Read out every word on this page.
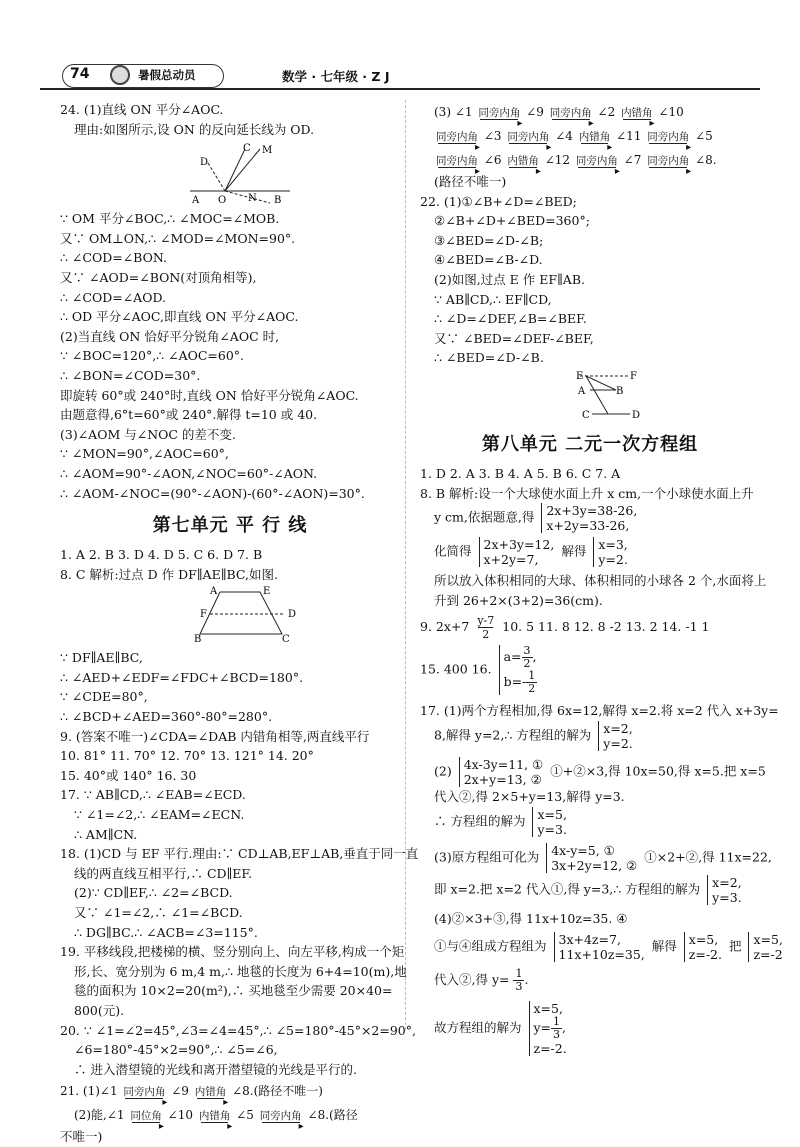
74	暑假总动员	数学 · 七年级 · Z J
24. (1)直线 ON 平分∠AOC.
理由:如图所示,设 ON 的反向延长线为 OD.
C M
D
A O N B
∵ OM 平分∠BOC,∴ ∠MOC=∠MOB.
又∵ OM⊥ON,∴ ∠MOD=∠MON=90°.
∴ ∠COD=∠BON.
又∵ ∠AOD=∠BON(对顶角相等),
∴ ∠COD=∠AOD.
∴ OD 平分∠AOC,即直线 ON 平分∠AOC.
(2)当直线 ON 恰好平分锐角∠AOC 时,
∵ ∠BOC=120°,∴ ∠AOC=60°.
∴ ∠BON=∠COD=30°.
即旋转 60°或 240°时,直线 ON 恰好平分锐角∠AOC.
由题意得,6°t=60°或 240°.解得 t=10 或 40.
(3)∠AOM 与∠NOC 的差不变.
∵ ∠MON=90°,∠AOC=60°,
∴ ∠AOM=90°-∠AON,∠NOC=60°-∠AON.
∴ ∠AOM-∠NOC=(90°-∠AON)-(60°-∠AON)=30°.
第七单元 平 行 线
1. A 2. B 3. D 4. D 5. C 6. D 7. B
8. C 解析:过点 D 作 DF∥AE∥BC,如图.
A	E
F	D
B	C
∵ DF∥AE∥BC,
∴ ∠AED+∠EDF=∠FDC+∠BCD=180°.
∵ ∠CDE=80°,
∴ ∠BCD+∠AED=360°-80°=280°.
9. (答案不唯一)∠CDA=∠DAB 内错角相等,两直线平行
10. 81° 11. 70° 12. 70° 13. 121° 14. 20°
15. 40°或 140° 16. 30
17. ∵ AB∥CD,∴ ∠EAB=∠ECD.
∵ ∠1=∠2,∴ ∠EAM=∠ECN.
∴ AM∥CN.
18. (1)CD 与 EF 平行.理由:∵ CD⊥AB,EF⊥AB,垂直于同一直
线的两直线互相平行,∴ CD∥EF.
(2)∵ CD∥EF,∴ ∠2=∠BCD.
又∵ ∠1=∠2,∴ ∠1=∠BCD.
∴ DG∥BC.∴ ∠ACB=∠3=115°.
19. 平移线段,把楼梯的横、竖分别向上、向左平移,构成一个矩
形,长、宽分别为 6 m,4 m,∴ 地毯的长度为 6+4=10(m),地
毯的面积为 10×2=20(m²),∴ 买地毯至少需要 20×40=
800(元).
20. ∵ ∠1=∠2=45°,∠3=∠4=45°,∴ ∠5=180°-45°×2=90°,
∠6=180°-45°×2=90°,∴ ∠5=∠6,
∴ 进入潜望镜的光线和离开潜望镜的光线是平行的.
21. (1)∠1 同旁内角
▸ ∠9 内错角
▸ ∠8.(路径不唯一)
(2)能,∠1 同位角
▸ ∠10 内错角
▸ ∠5 同旁内角
▸ ∠8.(路径
不唯一)
(3) ∠1 同旁内角
▸ ∠9 同旁内角
▸ ∠2 内错角
▸ ∠10
同旁内角
▸ ∠3 同旁内角
▸ ∠4 内错角
▸ ∠11 同旁内角
▸ ∠5
同旁内角
▸ ∠6 内错角
▸ ∠12 同旁内角
▸ ∠7 同旁内角
▸ ∠8.
(路径不唯一)
22. (1)①∠B+∠D=∠BED;
②∠B+∠D+∠BED=360°;
③∠BED=∠D-∠B;
④∠BED=∠B-∠D.
(2)如图,过点 E 作 EF∥AB.
∵ AB∥CD,∴ EF∥CD,
∴ ∠D=∠DEF,∠B=∠BEF.
又∵ ∠BED=∠DEF-∠BEF,
∴ ∠BED=∠D-∠B.
E	F
A	B
C	D
第八单元 二元一次方程组
1. D 2. A 3. B 4. A 5. B 6. C 7. A
8. B 解析:设一个大球使水面上升 x cm,一个小球使水面上升
y cm,依据题意,得 2x+3y=38-26,
x+2y=33-26,
化简得 2x+3y=12,
x+2y=7, 解得 x=3,
y=2.
所以放入体积相同的大球、体积相同的小球各 2 个,水面将上
升到 26+2×(3+2)=36(cm).
9. $2x+7 \frac{y-7}{2} 10$. 5 11. 8 12. 8 -2 13. 2 14. -1 1
15. 400 16. $a=\frac{3}{2}$,
$b=-\frac{1}{2}$
17. (1)两个方程相加,得 6x=12,解得 x=2.将 x=2 代入 x+3y=
8,解得 y=2,∴ 方程组的解为 x=2,
y=2.
(2) 4x-3y=11, ①
2x+y=13, ② ①+②×3,得 10x=50,得 x=5.把 x=5
代入②,得 2×5+y=13,解得 y=3.
∴ 方程组的解为 x=5,
y=3.
(3)原方程组可化为 4x-y=5, ①
3x+2y=12, ② ①×2+②,得 11x=22,
即 x=2.把 x=2 代入①,得 y=3,∴ 方程组的解为 x=2,
y=3.
(4)②×3+③,得 11x+10z=35. ④
①与④组成方程组为 3x+4z=7,
11x+10z=35, 解得 x=5,
z=-2. 把 x=5,
z=-2
代入②,得 $y= \frac{1}{3}$.
故方程组的解为 x=5,
$y=\frac{1}{3}$,
z=-2.
